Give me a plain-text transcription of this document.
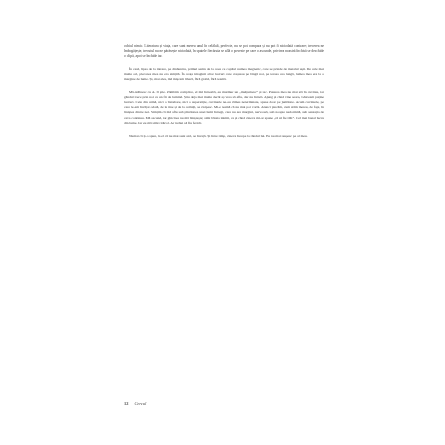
ochiul nimic. Literatura și viața, care sunt mereu unul în celălalt, perfecte, nu se pot compara și nu pot fi niciodată contrare; trecerea ne îmbogățește, trecutul nu ne părăsește niciodată, în spatele fiecăruia se află o poveste pe care o ascunde, privirea noastră închisă se deschide o clipă, apoi se închide iar.

În casă, lipsa de la intrare, pe dinăuntru, primul semn de la ceea ce copilul numea magnetic, care se prinde de metalul ușii. De cele mai multe ori, plecarea mea nu era simțită. În ceața imaginii altor lucruri care creșteau pe lângă noi, pe terasa cea lungă, lumea mea era la o margine de lume. Și, mai ales, mă mișcam liberă, fără grabă, fără teamă.

Mă-ntâlnesc cu A. Il știe. Zâmbim complice, el mă întreabă, eu murmur un „mulțumesc” și tac. Puterea mea nu mai stă în cuvinte, iar gândul trece prin noi ca un fir de lumină. Știu deja mai multe decât aș vrea să aflu, dar nu întreb. Ajung și când vine seara, Ghiceam puține lucruri. Cele din urmă, nici o întrebare, nici o superstiție, cuvintele ne-au rămas neterminate, spuse doar pe jumătate. Acum cuvintele, pe care le-am învățat odată, de la tine și de la ceilalți, se risipesc. Mi-e teamă că nu mai pot vorbi. Atunci plecăm, cum stăm mereu, de fapt, în liniștea dintre noi. Simțim că mă aflu sub plinătatea unei lumi întregi, care nu are margini, nervoasă, sub noapte nedormită, sub senzația de ceva continuu. Mă ascund, iar ghicirea nu mă liniștește; simt bătaia inimii, ca și când cineva mi-ar spune „O să fie OK”. Cel mai banal lucru din lume. Iar eu mă simt ridicol. Ar trebui să fiu fericit.

Numai că ți-o spun, la el că nu mai sunt aici, se învață. Și între timp, cineva începe la rândul lui. Eu nu mai reușesc pe al meu.

12 Cercul
